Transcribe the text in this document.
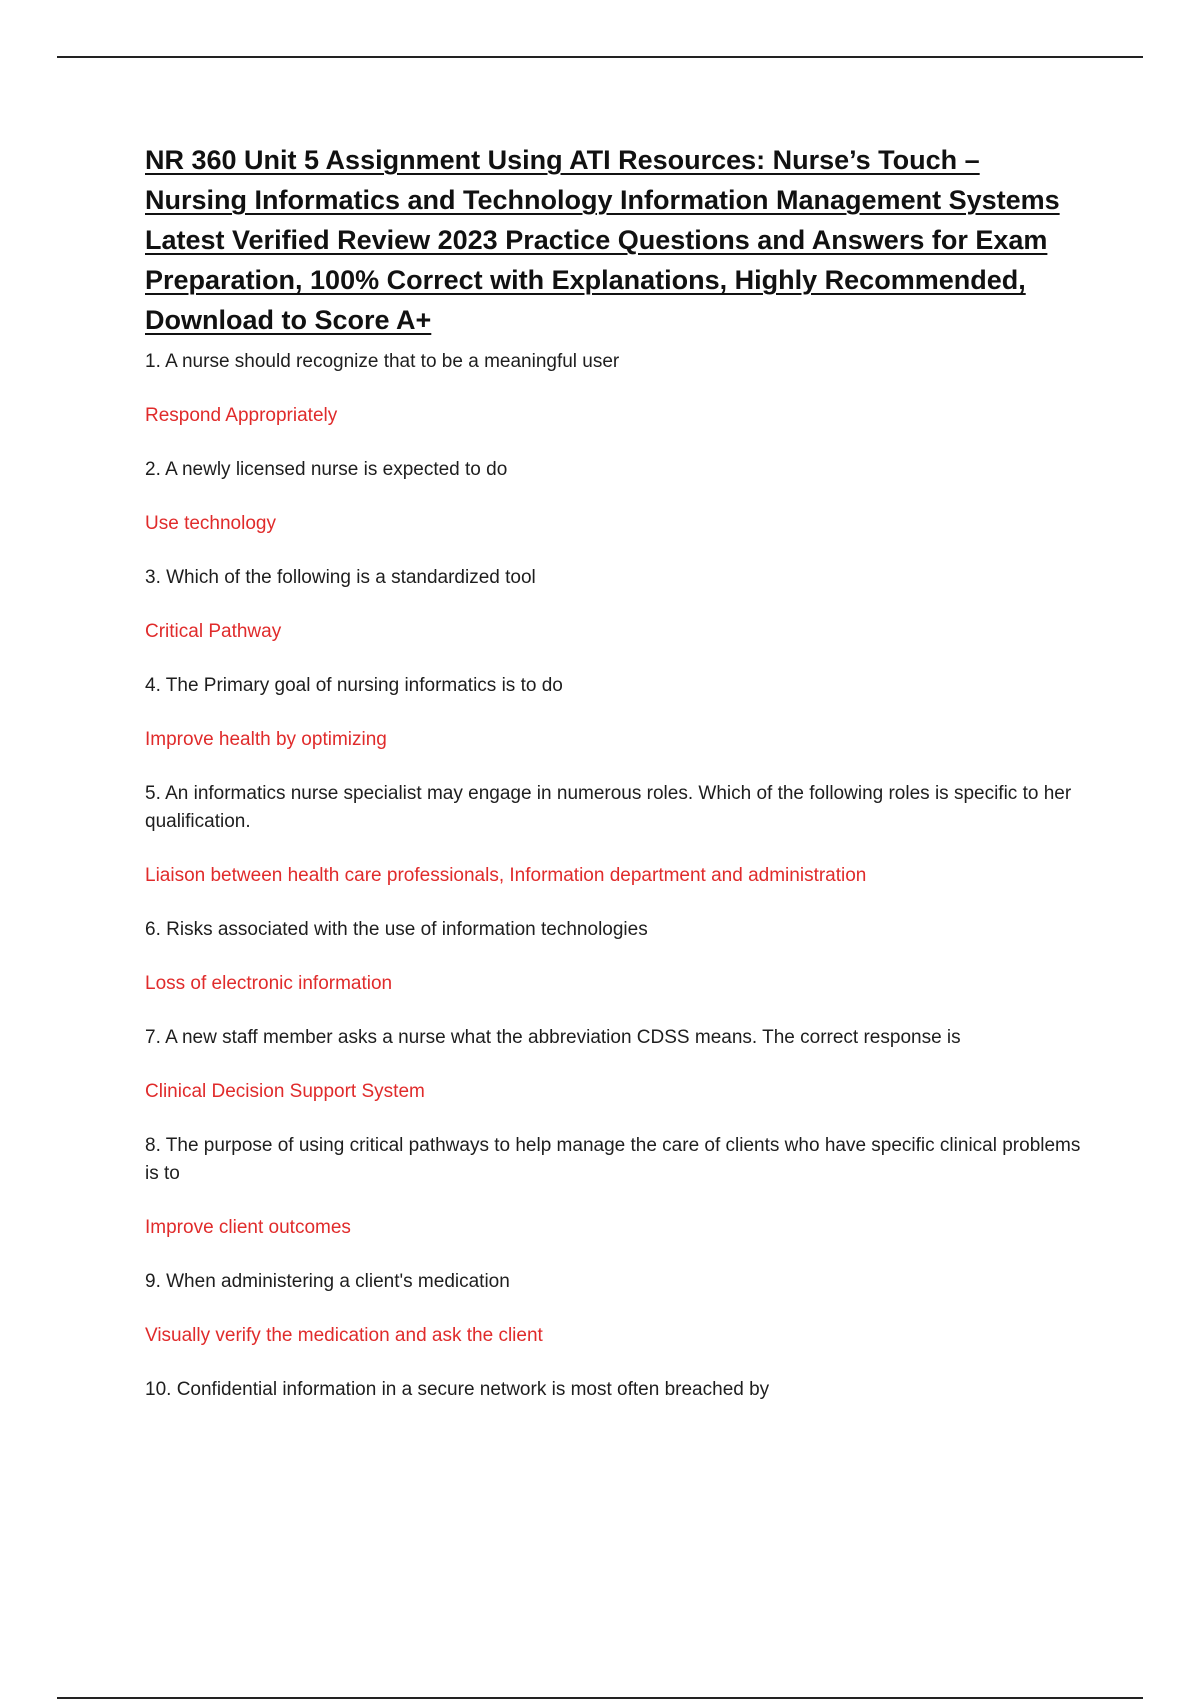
NR 360 Unit 5 Assignment Using ATI Resources: Nurse’s Touch – Nursing Informatics and Technology Information Management Systems Latest Verified Review 2023 Practice Questions and Answers for Exam Preparation, 100% Correct with Explanations, Highly Recommended, Download to Score A+

1. A nurse should recognize that to be a meaningful user

Respond Appropriately

2. A newly licensed nurse is expected to do

Use technology

3. Which of the following is a standardized tool

Critical Pathway

4. The Primary goal of nursing informatics is to do

Improve health by optimizing

5. An informatics nurse specialist may engage in numerous roles. Which of the following roles is specific to her qualification.

Liaison between health care professionals, Information department and administration

6. Risks associated with the use of information technologies

Loss of electronic information

7. A new staff member asks a nurse what the abbreviation CDSS means. The correct response is

Clinical Decision Support System

8. The purpose of using critical pathways to help manage the care of clients who have specific clinical problems is to

Improve client outcomes

9. When administering a client's medication

Visually verify the medication and ask the client

10. Confidential information in a secure network is most often breached by
